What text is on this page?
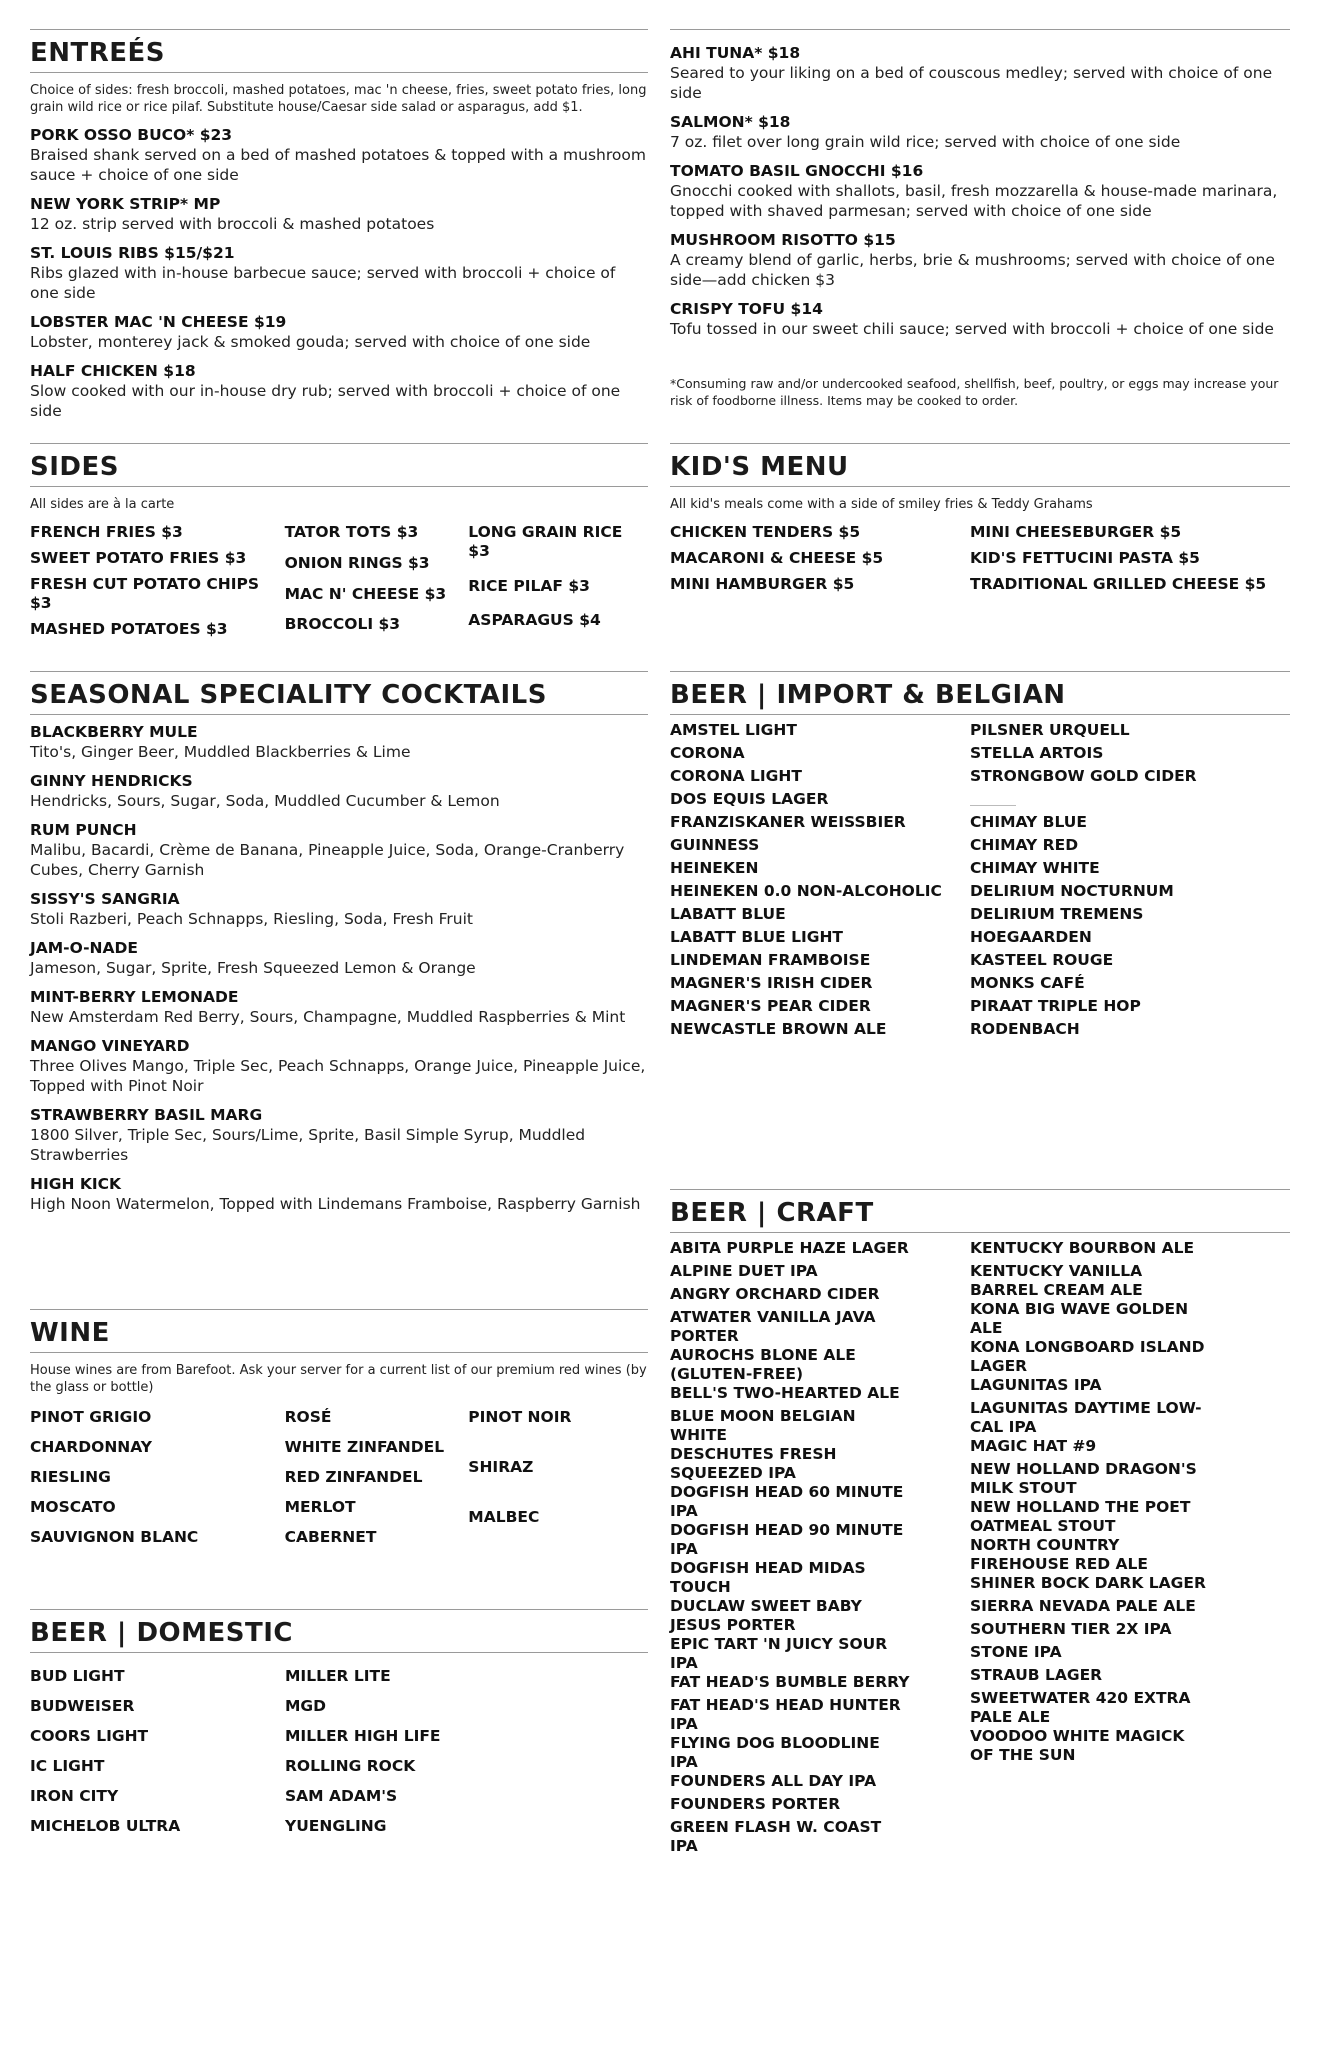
ENTREÉS
Choice of sides: fresh broccoli, mashed potatoes, mac 'n cheese, fries, sweet potato fries, long grain wild rice or rice pilaf. Substitute house/Caesar side salad or asparagus, add $1.
PORK OSSO BUCO* $23
Braised shank served on a bed of mashed potatoes & topped with a mushroom sauce + choice of one side
NEW YORK STRIP* MP
12 oz. strip served with broccoli & mashed potatoes
ST. LOUIS RIBS $15/$21
Ribs glazed with in-house barbecue sauce; served with broccoli + choice of one side
LOBSTER MAC 'N CHEESE $19
Lobster, monterey jack & smoked gouda; served with choice of one side
HALF CHICKEN $18
Slow cooked with our in-house dry rub; served with broccoli + choice of one side
AHI TUNA* $18
Seared to your liking on a bed of couscous medley; served with choice of one side
SALMON* $18
7 oz. filet over long grain wild rice; served with choice of one side
TOMATO BASIL GNOCCHI $16
Gnocchi cooked with shallots, basil, fresh mozzarella & house-made marinara, topped with shaved parmesan; served with choice of one side
MUSHROOM RISOTTO $15
A creamy blend of garlic, herbs, brie & mushrooms; served with choice of one side—add chicken $3
CRISPY TOFU $14
Tofu tossed in our sweet chili sauce; served with broccoli + choice of one side
*Consuming raw and/or undercooked seafood, shellfish, beef, poultry, or eggs may increase your risk of foodborne illness. Items may be cooked to order.
SIDES
All sides are à la carte
FRENCH FRIES $3
SWEET POTATO FRIES $3
FRESH CUT POTATO CHIPS $3
MASHED POTATOES $3
TATOR TOTS $3
ONION RINGS $3
MAC N' CHEESE $3
BROCCOLI $3
LONG GRAIN RICE $3
RICE PILAF $3
ASPARAGUS $4
KID'S MENU
All kid's meals come with a side of smiley fries & Teddy Grahams
CHICKEN TENDERS $5
MACARONI & CHEESE $5
MINI HAMBURGER $5
MINI CHEESEBURGER $5
KID'S FETTUCINI PASTA $5
TRADITIONAL GRILLED CHEESE $5
SEASONAL SPECIALITY COCKTAILS
BLACKBERRY MULE
Tito's, Ginger Beer, Muddled Blackberries & Lime
GINNY HENDRICKS
Hendricks, Sours, Sugar, Soda, Muddled Cucumber & Lemon
RUM PUNCH
Malibu, Bacardi, Crème de Banana, Pineapple Juice, Soda, Orange-Cranberry Cubes, Cherry Garnish
SISSY'S SANGRIA
Stoli Razberi, Peach Schnapps, Riesling, Soda, Fresh Fruit
JAM-O-NADE
Jameson, Sugar, Sprite, Fresh Squeezed Lemon & Orange
MINT-BERRY LEMONADE
New Amsterdam Red Berry, Sours, Champagne, Muddled Raspberries & Mint
MANGO VINEYARD
Three Olives Mango, Triple Sec, Peach Schnapps, Orange Juice, Pineapple Juice, Topped with Pinot Noir
STRAWBERRY BASIL MARG
1800 Silver, Triple Sec, Sours/Lime, Sprite, Basil Simple Syrup, Muddled Strawberries
HIGH KICK
High Noon Watermelon, Topped with Lindemans Framboise, Raspberry Garnish
WINE
House wines are from Barefoot. Ask your server for a current list of our premium red wines (by the glass or bottle)
PINOT GRIGIO
CHARDONNAY
RIESLING
MOSCATO
SAUVIGNON BLANC
ROSÉ
WHITE ZINFANDEL
RED ZINFANDEL
MERLOT
CABERNET
PINOT NOIR
SHIRAZ
MALBEC
BEER | DOMESTIC
BUD LIGHT
BUDWEISER
COORS LIGHT
IC LIGHT
IRON CITY
MICHELOB ULTRA
MILLER LITE
MGD
MILLER HIGH LIFE
ROLLING ROCK
SAM ADAM'S
YUENGLING
BEER | IMPORT & BELGIAN
AMSTEL LIGHT
CORONA
CORONA LIGHT
DOS EQUIS LAGER
FRANZISKANER WEISSBIER
GUINNESS
HEINEKEN
HEINEKEN 0.0 NON-ALCOHOLIC
LABATT BLUE
LABATT BLUE LIGHT
LINDEMAN FRAMBOISE
MAGNER'S IRISH CIDER
MAGNER'S PEAR CIDER
NEWCASTLE BROWN ALE
PILSNER URQUELL
STELLA ARTOIS
STRONGBOW GOLD CIDER
CHIMAY BLUE
CHIMAY RED
CHIMAY WHITE
DELIRIUM NOCTURNUM
DELIRIUM TREMENS
HOEGAARDEN
KASTEEL ROUGE
MONKS CAFÉ
PIRAAT TRIPLE HOP
RODENBACH
BEER | CRAFT
ABITA PURPLE HAZE LAGER
ALPINE DUET IPA
ANGRY ORCHARD CIDER
ATWATER VANILLA JAVA PORTER
AUROCHS BLONE ALE (GLUTEN-FREE)
BELL'S TWO-HEARTED ALE
BLUE MOON BELGIAN WHITE
DESCHUTES FRESH SQUEEZED IPA
DOGFISH HEAD 60 MINUTE IPA
DOGFISH HEAD 90 MINUTE IPA
DOGFISH HEAD MIDAS TOUCH
DUCLAW SWEET BABY JESUS PORTER
EPIC TART 'N JUICY SOUR IPA
FAT HEAD'S BUMBLE BERRY
FAT HEAD'S HEAD HUNTER IPA
FLYING DOG BLOODLINE IPA
FOUNDERS ALL DAY IPA
FOUNDERS PORTER
GREEN FLASH W. COAST IPA
KENTUCKY BOURBON ALE
KENTUCKY VANILLA BARREL CREAM ALE
KONA BIG WAVE GOLDEN ALE
KONA LONGBOARD ISLAND LAGER
LAGUNITAS IPA
LAGUNITAS DAYTIME LOW-CAL IPA
MAGIC HAT #9
NEW HOLLAND DRAGON'S MILK STOUT
NEW HOLLAND THE POET OATMEAL STOUT
NORTH COUNTRY FIREHOUSE RED ALE
SHINER BOCK DARK LAGER
SIERRA NEVADA PALE ALE
SOUTHERN TIER 2X IPA
STONE IPA
STRAUB LAGER
SWEETWATER 420 EXTRA PALE ALE
VOODOO WHITE MAGICK OF THE SUN
